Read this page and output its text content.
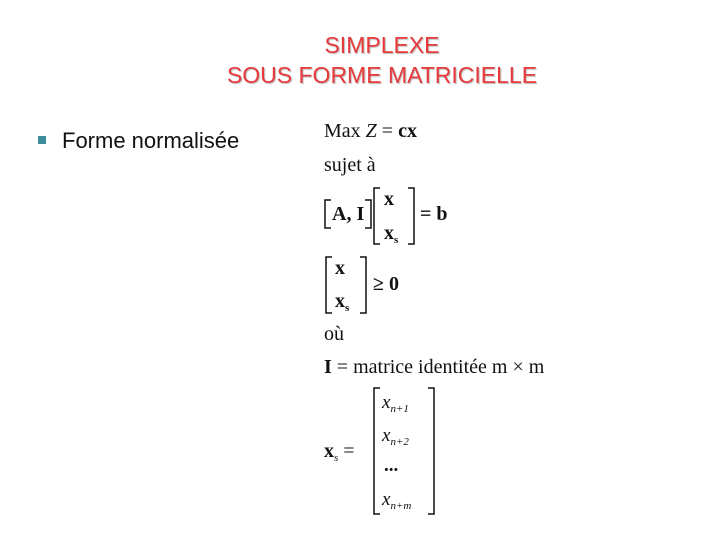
SIMPLEXE
SOUS FORME MATRICIELLE
Forme normalisée	Max Z = cx
sujet à
A, I
x
$x_s$
= b
x
$x_s$
≥ 0
où
I = matrice identitée m × m
$x_s$ =
$x_{n+1}$
$x_{n+2}$
...
$x_{n+m}$
